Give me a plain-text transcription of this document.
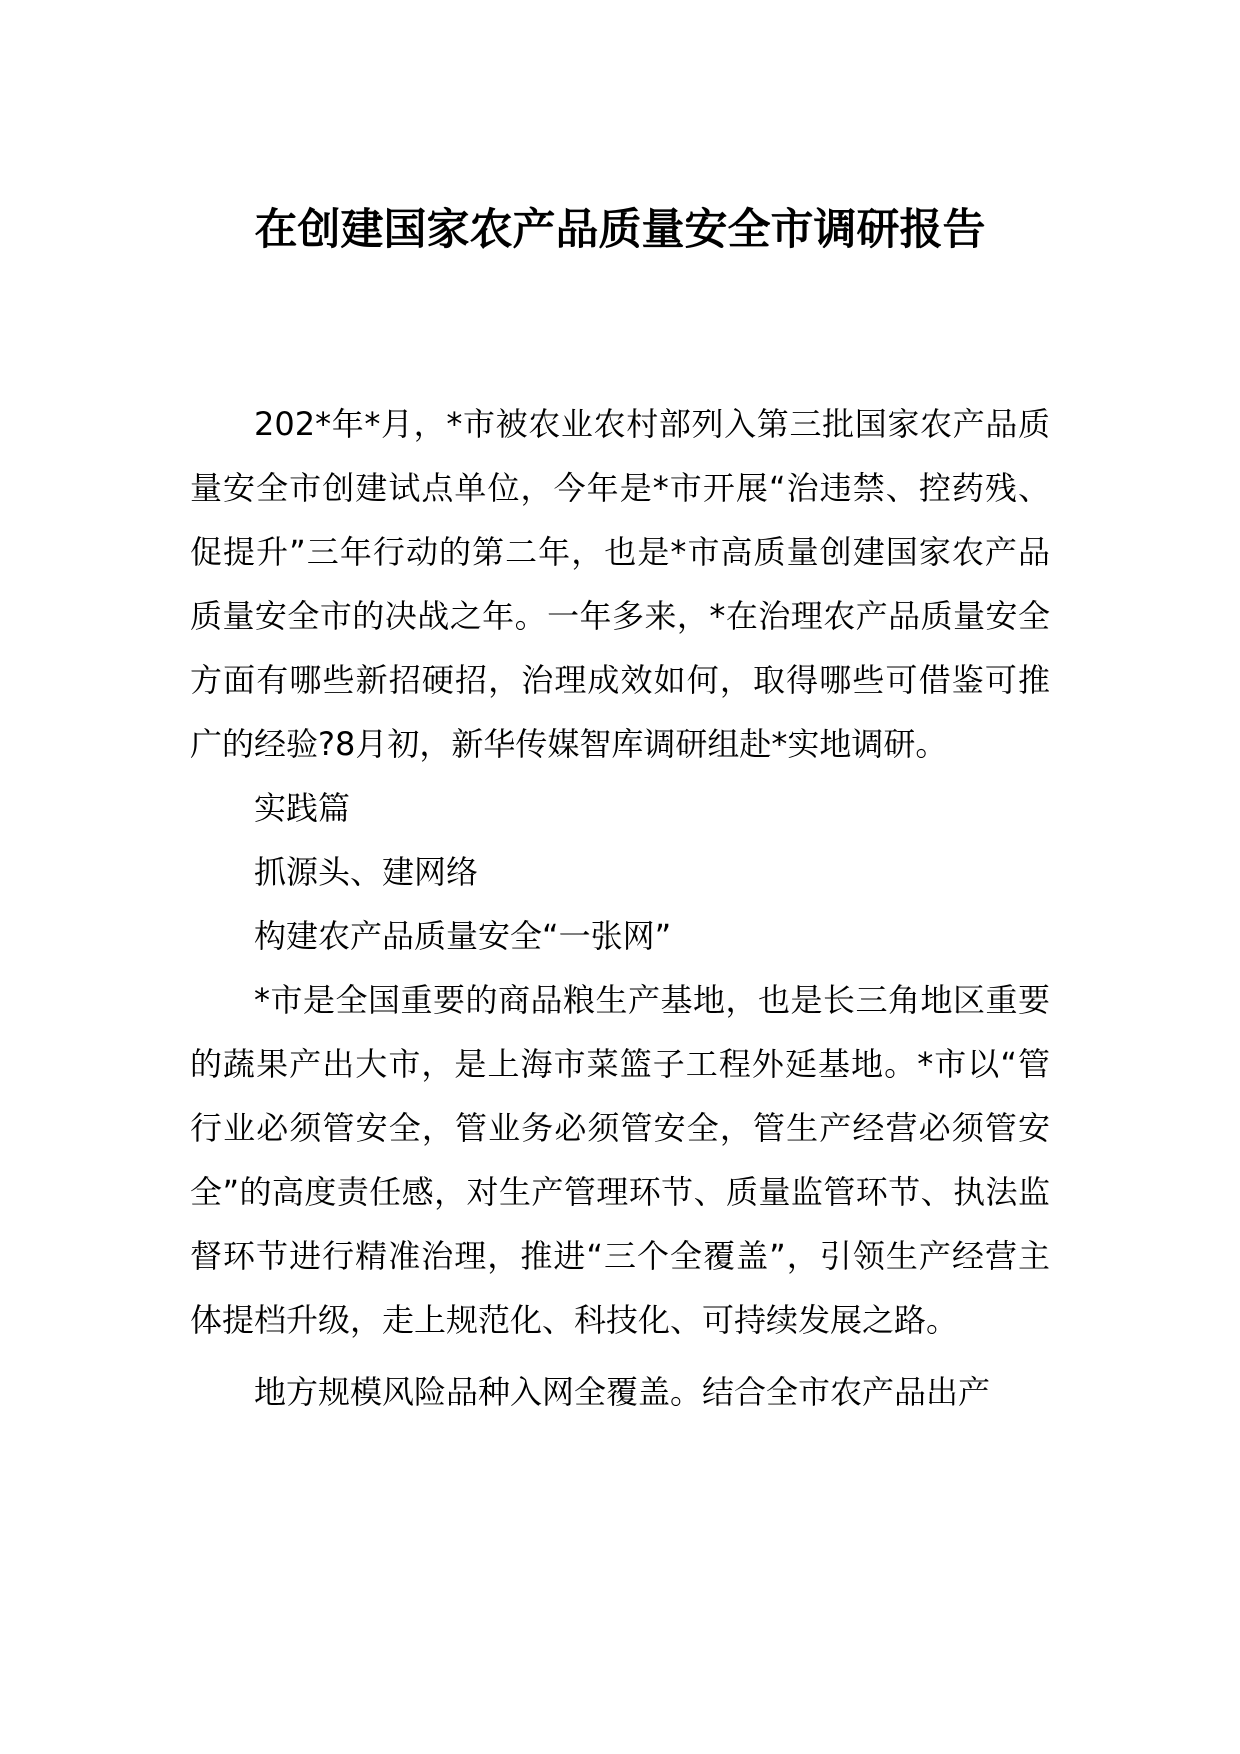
在创建国家农产品质量安全市调研报告

202*年*月，*市被农业农村部列入第三批国家农产品质量安全市创建试点单位，今年是*市开展“治违禁、控药残、促提升”三年行动的第二年，也是*市高质量创建国家农产品质量安全市的决战之年。一年多来，*在治理农产品质量安全方面有哪些新招硬招，治理成效如何，取得哪些可借鉴可推广的经验?8月初，新华传媒智库调研组赴*实地调研。

实践篇

抓源头、建网络

构建农产品质量安全“一张网”

*市是全国重要的商品粮生产基地，也是长三角地区重要的蔬果产出大市，是上海市菜篮子工程外延基地。*市以“管行业必须管安全，管业务必须管安全，管生产经营必须管安全”的高度责任感，对生产管理环节、质量监管环节、执法监督环节进行精准治理，推进“三个全覆盖”，引领生产经营主体提档升级，走上规范化、科技化、可持续发展之路。

地方规模风险品种入网全覆盖。结合全市农产品出产
